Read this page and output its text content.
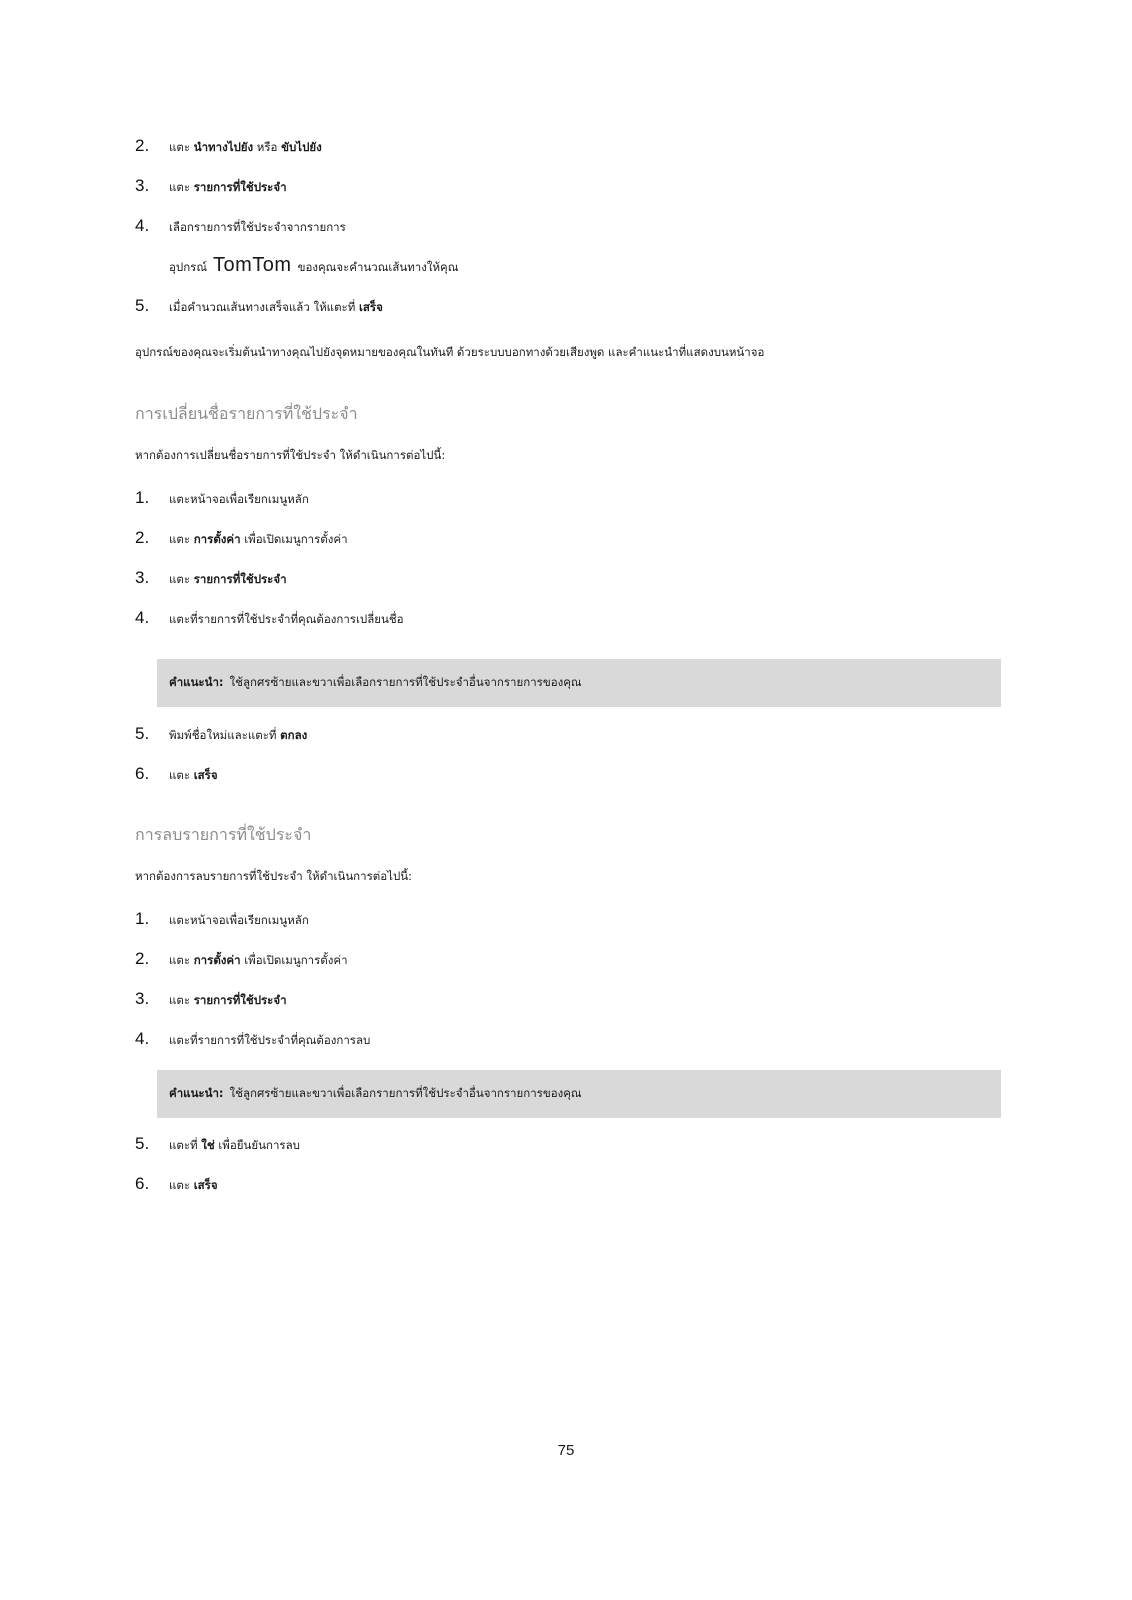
2.	แตะ นำทางไปยัง หรือ ขับไปยัง
3.	แตะ รายการที่ใช้ประจำ
4.	เลือกรายการที่ใช้ประจำจากรายการ
อุปกรณ์ TomTom ของคุณจะคำนวณเส้นทางให้คุณ
5.	เมื่อคำนวณเส้นทางเสร็จแล้ว ให้แตะที่ เสร็จ
อุปกรณ์ของคุณจะเริ่มต้นนำทางคุณไปยังจุดหมายของคุณในทันที ด้วยระบบบอกทางด้วยเสียงพูด และคำแนะนำที่แสดงบนหน้าจอ
การเปลี่ยนชื่อรายการที่ใช้ประจำ
หากต้องการเปลี่ยนชื่อรายการที่ใช้ประจำ ให้ดำเนินการต่อไปนี้:
1.	แตะหน้าจอเพื่อเรียกเมนูหลัก
2.	แตะ การตั้งค่า เพื่อเปิดเมนูการตั้งค่า
3.	แตะ รายการที่ใช้ประจำ
4.	แตะที่รายการที่ใช้ประจำที่คุณต้องการเปลี่ยนชื่อ
คำแนะนำ: ใช้ลูกศรซ้ายและขวาเพื่อเลือกรายการที่ใช้ประจำอื่นจากรายการของคุณ
5.	พิมพ์ชื่อใหม่และแตะที่ ตกลง
6.	แตะ เสร็จ
การลบรายการที่ใช้ประจำ
หากต้องการลบรายการที่ใช้ประจำ ให้ดำเนินการต่อไปนี้:
1.	แตะหน้าจอเพื่อเรียกเมนูหลัก
2.	แตะ การตั้งค่า เพื่อเปิดเมนูการตั้งค่า
3.	แตะ รายการที่ใช้ประจำ
4.	แตะที่รายการที่ใช้ประจำที่คุณต้องการลบ
คำแนะนำ: ใช้ลูกศรซ้ายและขวาเพื่อเลือกรายการที่ใช้ประจำอื่นจากรายการของคุณ
5.	แตะที่ ใช่ เพื่อยืนยันการลบ
6.	แตะ เสร็จ
75
